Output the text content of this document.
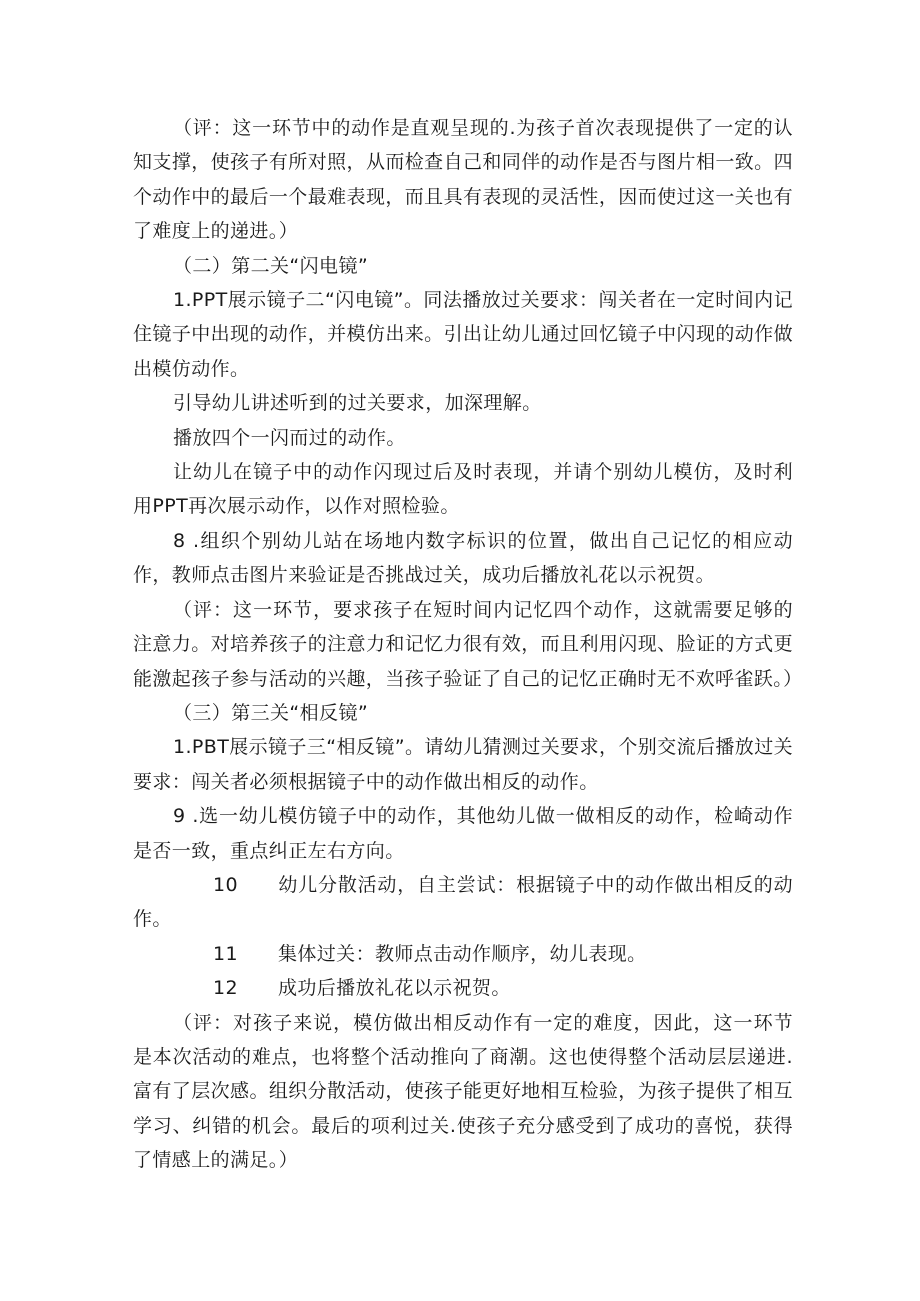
（评：这一环节中的动作是直观呈现的.为孩子首次表现提供了一定的认知支撑，使孩子有所对照，从而检查自己和同伴的动作是否与图片相一致。四个动作中的最后一个最难表现，而且具有表现的灵活性，因而使过这一关也有了难度上的递进。）

（二）第二关“闪电镜”

1.PPT展示镜子二“闪电镜”。同法播放过关要求：闯关者在一定时间内记住镜子中出现的动作，并模仿出来。引出让幼儿通过回忆镜子中闪现的动作做出模仿动作。

引导幼儿讲述听到的过关要求，加深理解。

播放四个一闪而过的动作。

让幼儿在镜子中的动作闪现过后及时表现，并请个别幼儿模仿，及时利用PPT再次展示动作，以作对照检验。

8 .组织个别幼儿站在场地内数字标识的位置，做出自己记忆的相应动作，教师点击图片来验证是否挑战过关，成功后播放礼花以示祝贺。

（评：这一环节，要求孩子在短时间内记忆四个动作，这就需要足够的注意力。对培养孩子的注意力和记忆力很有效，而且利用闪现、脸证的方式更能激起孩子参与活动的兴趣，当孩子验证了自己的记忆正确时无不欢呼雀跃。）

（三）第三关“相反镜”

1.PBT展示镜子三“相反镜”。请幼儿猜测过关要求，个别交流后播放过关要求：闯关者必须根据镜子中的动作做出相反的动作。

9 .选一幼儿模仿镜子中的动作，其他幼儿做一做相反的动作，检崎动作是否一致，重点纠正左右方向。

10 幼儿分散活动，自主尝试：根据镜子中的动作做出相反的动作。

11 集体过关：教师点击动作顺序，幼儿表现。

12 成功后播放礼花以示祝贺。

（评：对孩子来说，模仿做出相反动作有一定的难度，因此，这一环节是本次活动的难点，也将整个活动推向了商潮。这也使得整个活动层层递进.富有了层次感。组织分散活动，使孩子能更好地相互检验，为孩子提供了相互学习、纠错的机会。最后的项利过关.使孩子充分感受到了成功的喜悦，获得了情感上的满足。）
